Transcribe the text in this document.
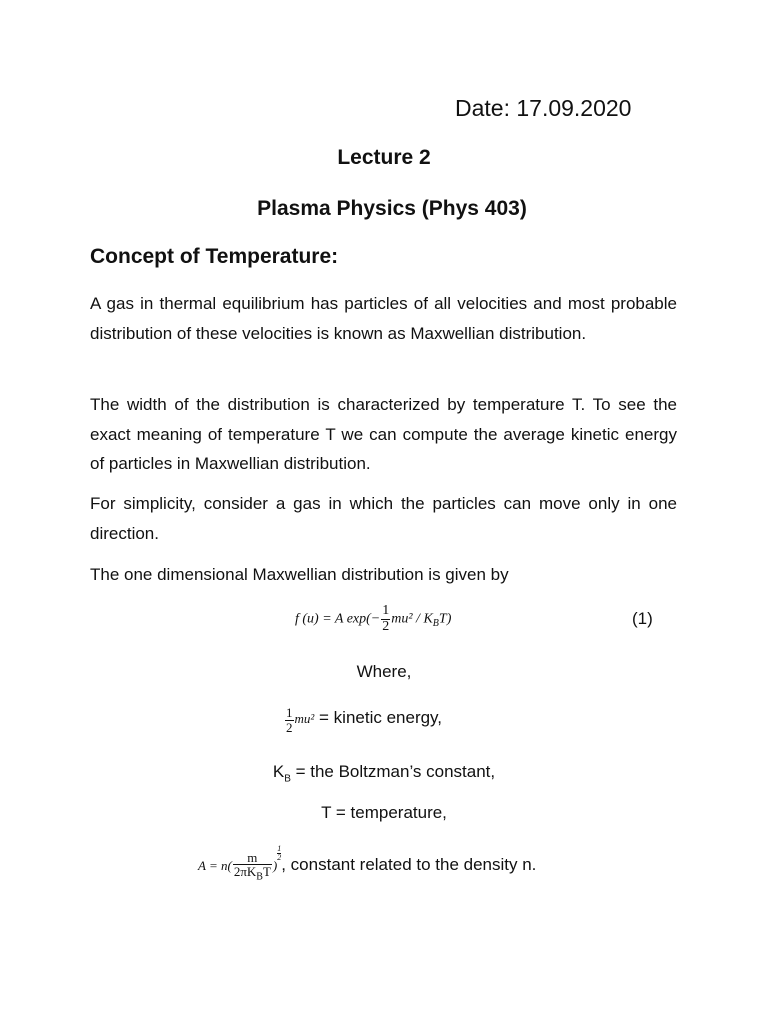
Date: 17.09.2020
Lecture 2
Plasma Physics (Phys 403)
Concept of Temperature:
A gas in thermal equilibrium has particles of all velocities and most probable distribution of these velocities is known as Maxwellian distribution.
The width of the distribution is characterized by temperature T. To see the exact meaning of temperature T we can compute the average kinetic energy of particles in Maxwellian distribution.
For simplicity, consider a gas in which the particles can move only in one direction.
The one dimensional Maxwellian distribution is given by
f (u) = A $\exp(- \frac{1}{2} mu^2 / K_BT)$	(1)
Where,
$\frac{1}{2} mu^2$ = kinetic energy,
$K_B$ = the Boltzman’s constant,
T = temperature,
$A = n( \frac{m}{2\pi K_BT}$ )
$\frac{1}{2}$
, constant related to the density n.
